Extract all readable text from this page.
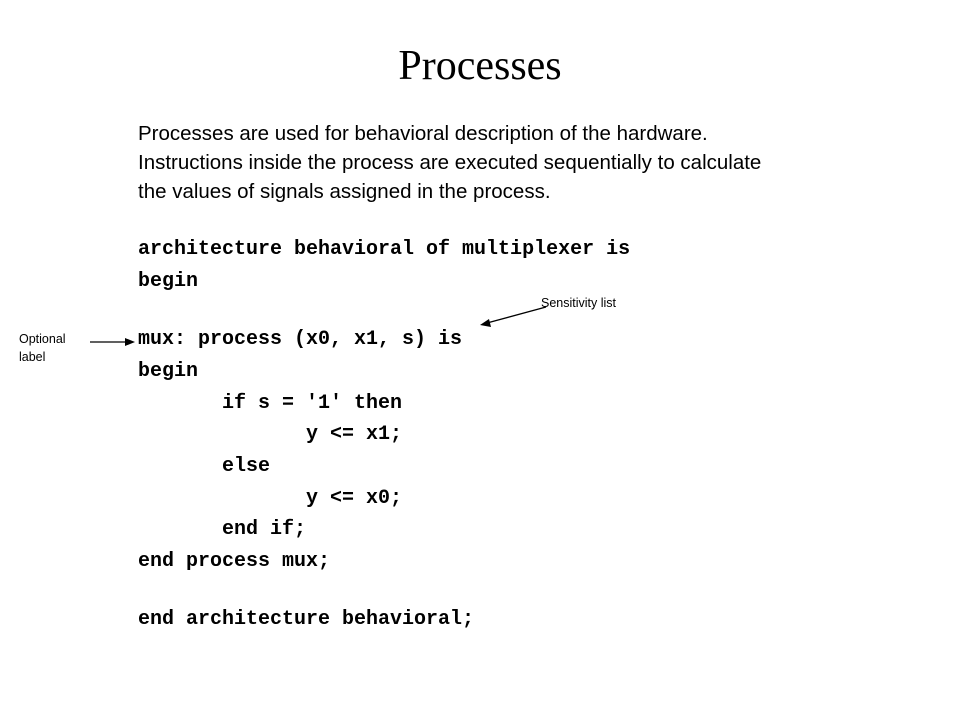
Processes
Processes are used for behavioral description of the hardware.
Instructions inside the process are executed sequentially to calculate
the values of signals assigned in the process.
architecture behavioral of multiplexer is
begin
mux: process (x0, x1, s) is
begin
if s = '1' then
y <= x1;
else
y <= x0;
end if;
end process mux;
end architecture behavioral;
Optional
label
Sensitivity list
